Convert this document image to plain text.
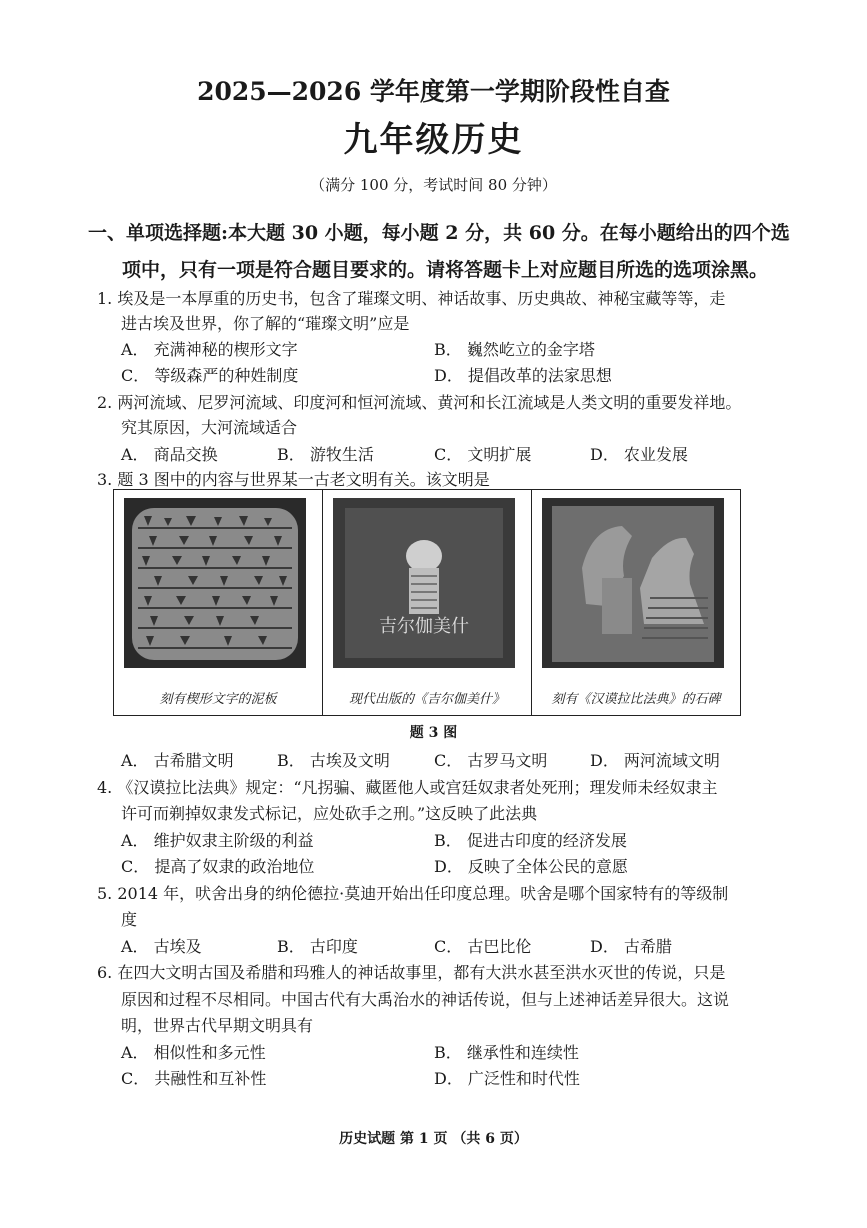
2025—2026 学年度第一学期阶段性自查
九年级历史
（满分 100 分，考试时间 80 分钟）
一、单项选择题:本大题 30 小题，每小题 2 分，共 60 分。在每小题给出的四个选
项中，只有一项是符合题目要求的。请将答题卡上对应题目所选的选项涂黑。
1. 埃及是一本厚重的历史书，包含了璀璨文明、神话故事、历史典故、神秘宝藏等等，走
进古埃及世界，你了解的“璀璨文明”应是
A． 充满神秘的楔形文字	B． 巍然屹立的金字塔
C． 等级森严的种姓制度	D． 提倡改革的法家思想
2. 两河流域、尼罗河流域、印度河和恒河流域、黄河和长江流域是人类文明的重要发祥地。
究其原因，大河流域适合
A． 商品交换	B． 游牧生活	C． 文明扩展	D． 农业发展
3. 题 3 图中的内容与世界某一古老文明有关。该文明是
刻有楔形文字的泥板
吉尔伽美什
现代出版的《吉尔伽美什》	刻有《汉谟拉比法典》的石碑
题 3 图
A． 古希腊文明	B． 古埃及文明	C． 古罗马文明	D． 两河流域文明
4. 《汉谟拉比法典》规定：“凡拐骗、藏匿他人或宫廷奴隶者处死刑；理发师未经奴隶主
许可而剃掉奴隶发式标记，应处砍手之刑。”这反映了此法典
A． 维护奴隶主阶级的利益	B． 促进古印度的经济发展
C． 提高了奴隶的政治地位	D． 反映了全体公民的意愿
5. 2014 年，吠舍出身的纳伦德拉·莫迪开始出任印度总理。吠舍是哪个国家特有的等级制
度
A． 古埃及	B． 古印度	C． 古巴比伦	D． 古希腊
6. 在四大文明古国及希腊和玛雅人的神话故事里，都有大洪水甚至洪水灭世的传说，只是
原因和过程不尽相同。中国古代有大禹治水的神话传说，但与上述神话差异很大。这说
明，世界古代早期文明具有
A． 相似性和多元性	B． 继承性和连续性
C． 共融性和互补性	D． 广泛性和时代性
历史试题 第 1 页 （共 6 页）
